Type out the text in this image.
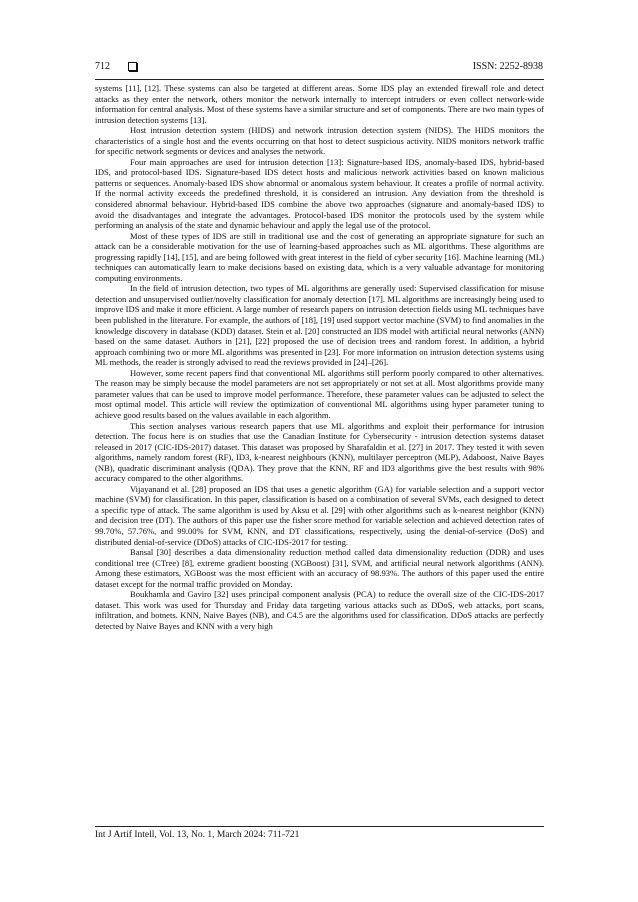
712	ISSN: 2252-8938

systems [11], [12]. These systems can also be targeted at different areas. Some IDS play an extended firewall role and detect attacks as they enter the network, others monitor the network internally to intercept intruders or even collect network-wide information for central analysis. Most of these systems have a similar structure and set of components. There are two main types of intrusion detection systems [13].

Host intrusion detection system (HIDS) and network intrusion detection system (NIDS). The HIDS monitors the characteristics of a single host and the events occurring on that host to detect suspicious activity. NIDS monitors network traffic for specific network segments or devices and analyses the network.

Four main approaches are used for intrusion detection [13]: Signature-based IDS, anomaly-based IDS, hybrid-based IDS, and protocol-based IDS. Signature-based IDS detect hosts and malicious network activities based on known malicious patterns or sequences. Anomaly-based IDS show abnormal or anomalous system behaviour. It creates a profile of normal activity. If the normal activity exceeds the predefined threshold, it is considered an intrusion. Any deviation from the threshold is considered abnormal behaviour. Hybrid-based IDS combine the above two approaches (signature and anomaly-based IDS) to avoid the disadvantages and integrate the advantages. Protocol-based IDS monitor the protocols used by the system while performing an analysis of the state and dynamic behaviour and apply the legal use of the protocol.

Most of these types of IDS are still in traditional use and the cost of generating an appropriate signature for such an attack can be a considerable motivation for the use of learning-based approaches such as ML algorithms. These algorithms are progressing rapidly [14], [15], and are being followed with great interest in the field of cyber security [16]. Machine learning (ML) techniques can automatically learn to make decisions based on existing data, which is a very valuable advantage for monitoring computing environments.

In the field of intrusion detection, two types of ML algorithms are generally used: Supervised classification for misuse detection and unsupervised outlier/novelty classification for anomaly detection [17]. ML algorithms are increasingly being used to improve IDS and make it more efficient. A large number of research papers on intrusion detection fields using ML techniques have been published in the literature. For example, the authors of [18], [19] used support vector machine (SVM) to find anomalies in the knowledge discovery in database (KDD) dataset. Stein et al. [20] constructed an IDS model with artificial neural networks (ANN) based on the same dataset. Authors in [21], [22] proposed the use of decision trees and random forest. In addition, a hybrid approach combining two or more ML algorithms was presented in [23]. For more information on intrusion detection systems using ML methods, the reader is strongly advised to read the reviews provided in [24]–[26].

However, some recent papers find that conventional ML algorithms still perform poorly compared to other alternatives. The reason may be simply because the model parameters are not set appropriately or not set at all. Most algorithms provide many parameter values that can be used to improve model performance. Therefore, these parameter values can be adjusted to select the most optimal model. This article will review the optimization of conventional ML algorithms using hyper parameter tuning to achieve good results based on the values available in each algorithm.

This section analyses various research papers that use ML algorithms and exploit their performance for intrusion detection. The focus here is on studies that use the Canadian Institute for Cybersecurity - intrusion detection systems dataset released in 2017 (CIC-IDS-2017) dataset. This dataset was proposed by Sharafaldin et al. [27] in 2017. They tested it with seven algorithms, namely random forest (RF), ID3, k-nearest neighbours (KNN), multilayer perceptron (MLP), Adaboost, Naive Bayes (NB), quadratic discriminant analysis (QDA). They prove that the KNN, RF and ID3 algorithms give the best results with 98% accuracy compared to the other algorithms.

Vijayanand et al. [28] proposed an IDS that uses a genetic algorithm (GA) for variable selection and a support vector machine (SVM) for classification. In this paper, classification is based on a combination of several SVMs, each designed to detect a specific type of attack. The same algorithm is used by Aksu et al. [29] with other algorithms such as k-nearest neighbor (KNN) and decision tree (DT). The authors of this paper use the fisher score method for variable selection and achieved detection rates of 99.70%, 57.76%, and 99.00% for SVM, KNN, and DT classifications, respectively, using the denial-of-service (DoS) and distributed denial-of-service (DDoS) attacks of CIC-IDS-2017 for testing.

Bansal [30] describes a data dimensionality reduction method called data dimensionality reduction (DDR) and uses conditional tree (CTree) [8], extreme gradient boosting (XGBoost) [31], SVM, and artificial neural network algorithms (ANN). Among these estimators, XGBoost was the most efficient with an accuracy of 98.93%. The authors of this paper used the entire dataset except for the normal traffic provided on Monday.

Boukhamla and Gaviro [32] uses principal component analysis (PCA) to reduce the overall size of the CIC-IDS-2017 dataset. This work was used for Thursday and Friday data targeting various attacks such as DDoS, web attacks, port scans, infiltration, and botnets. KNN, Naive Bayes (NB), and C4.5 are the algorithms used for classification. DDoS attacks are perfectly detected by Naive Bayes and KNN with a very high

Int J Artif Intell, Vol. 13, No. 1, March 2024: 711-721
